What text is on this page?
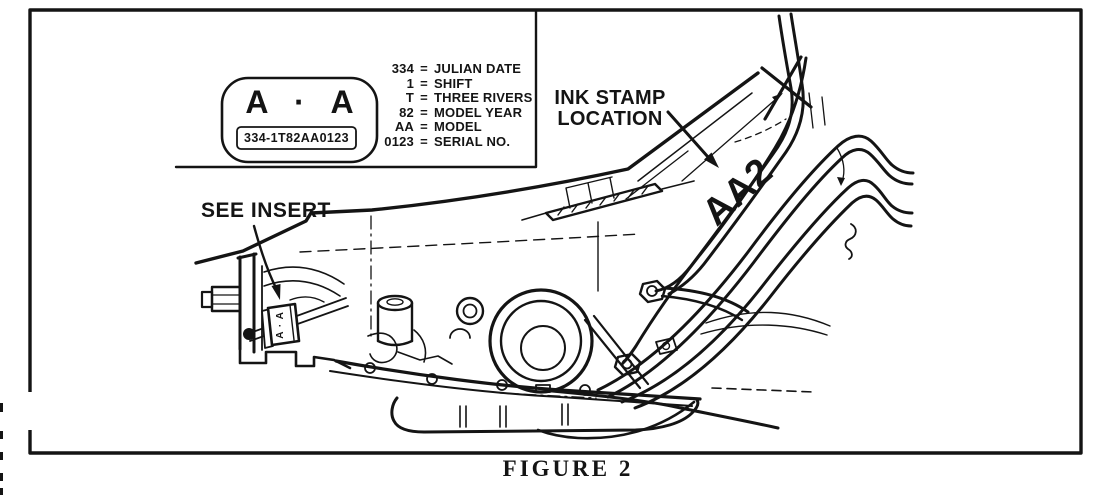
A · A
334-1T82AA0123
334 = JULIAN DATE
1 = SHIFT
T = THREE RIVERS
82 = MODEL YEAR
AA = MODEL
0123 = SERIAL NO.
INK STAMP
LOCATION
SEE INSERT	AA2
A · A
FIGURE 2
